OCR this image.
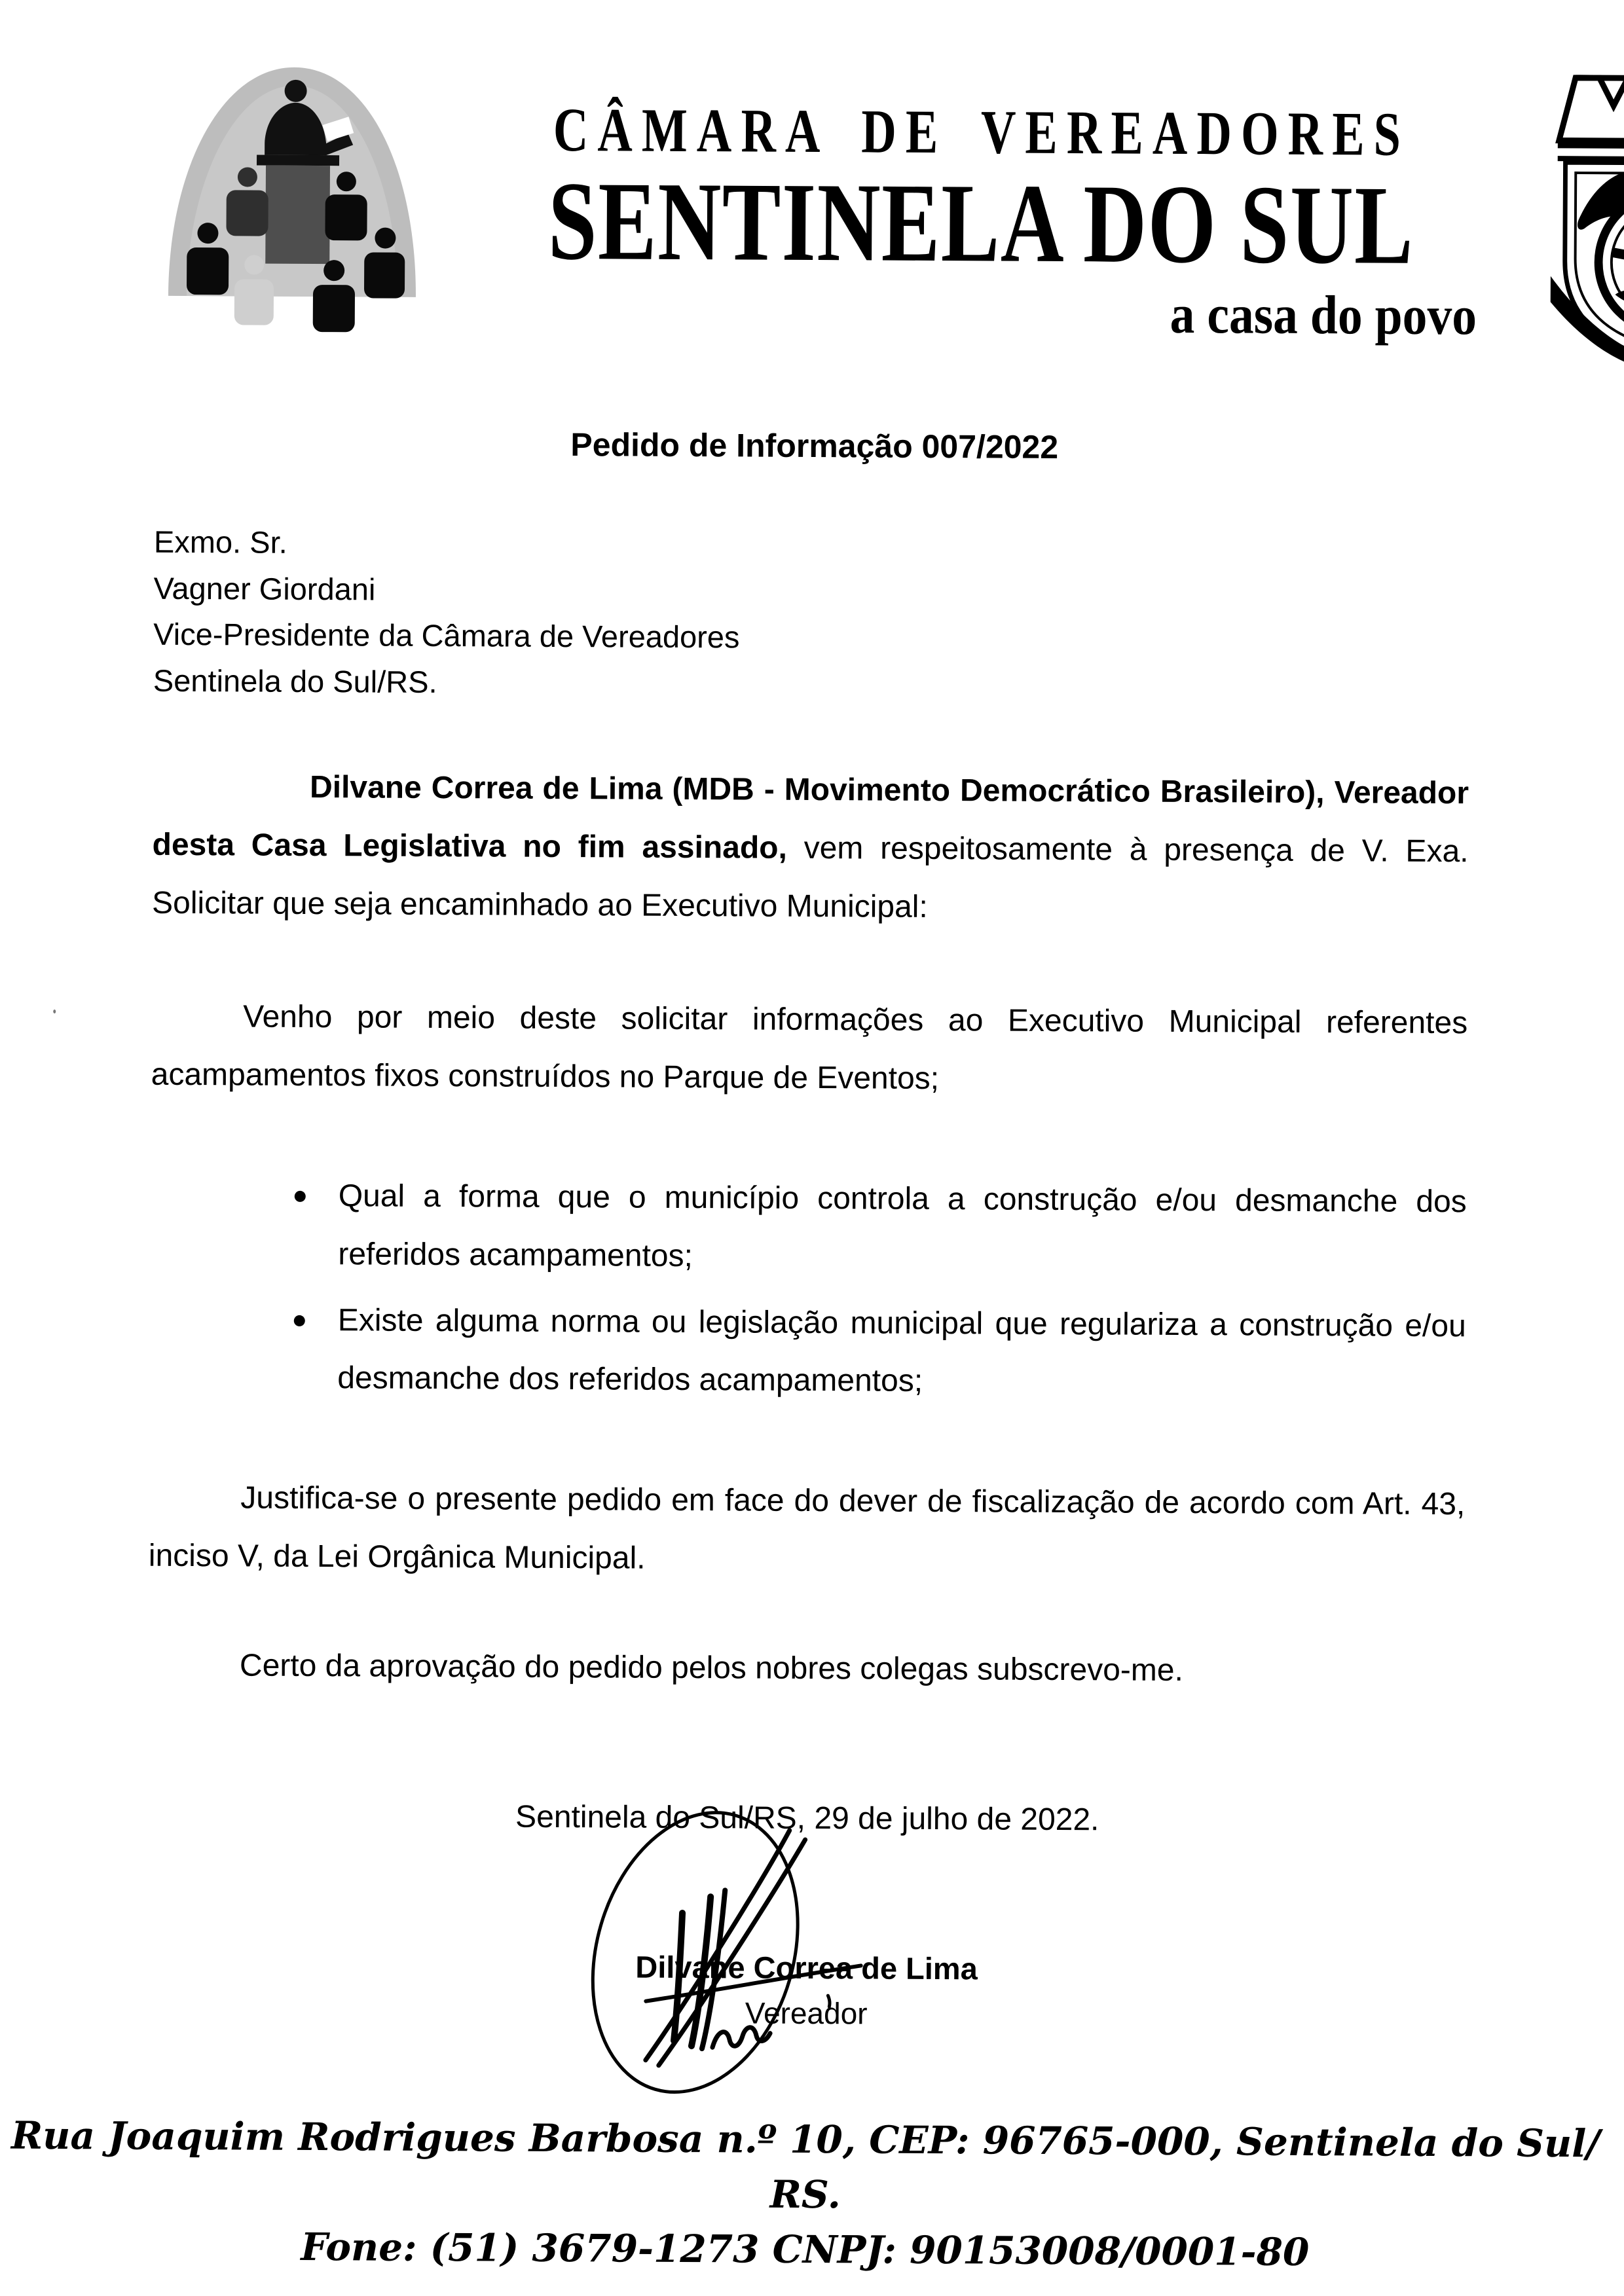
CÂMARA DE VEREADORES
SENTINELA DO SUL
a casa do povo
Pedido de Informação 007/2022
Exmo. Sr.
Vagner Giordani
Vice-Presidente da Câmara de Vereadores
Sentinela do Sul/RS.

Dilvane Correa de Lima (MDB - Movimento Democrático Brasileiro), Vereador desta Casa Legislativa no fim assinado, vem respeitosamente à presença de V. Exa. Solicitar que seja encaminhado ao Executivo Municipal:

Venho por meio deste solicitar informações ao Executivo Municipal referentes acampamentos fixos construídos no Parque de Eventos;

Qual a forma que o município controla a construção e/ou desmanche dos referidos acampamentos;
Existe alguma norma ou legislação municipal que regulariza a construção e/ou desmanche dos referidos acampamentos;

Justifica-se o presente pedido em face do dever de fiscalização de acordo com Art. 43, inciso V, da Lei Orgânica Municipal.

Certo da aprovação do pedido pelos nobres colegas subscrevo-me.

Sentinela do Sul/RS, 29 de julho de 2022.
Dilvane Correa de Lima
Vereador
Rua Joaquim Rodrigues Barbosa n.º 10, CEP: 96765-000, Sentinela do Sul/ RS.
Fone: (51) 3679-1273 CNPJ: 90153008/0001-80
